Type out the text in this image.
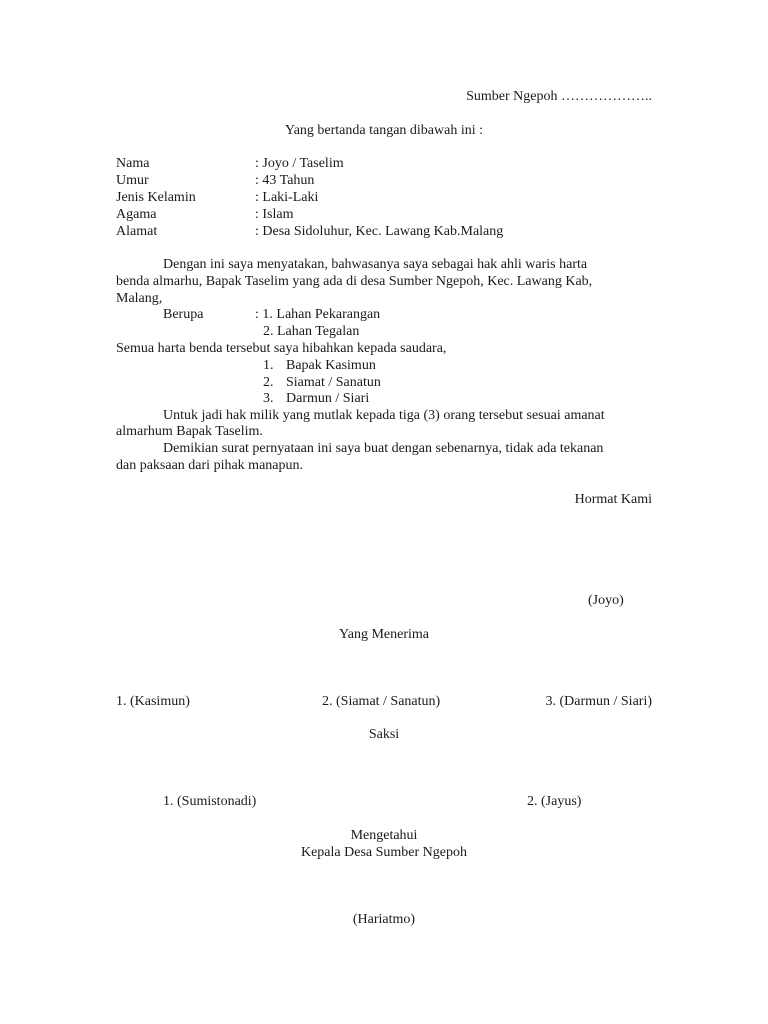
Sumber Ngepoh ………………..
Yang bertanda tangan dibawah ini :
Nama	: Joyo / Taselim
Umur	: 43 Tahun
Jenis Kelamin	: Laki-Laki
Agama	: Islam
Alamat	: Desa Sidoluhur, Kec. Lawang Kab.Malang
Dengan ini saya menyatakan, bahwasanya saya sebagai hak ahli waris harta
benda almarhu, Bapak Taselim yang ada di desa Sumber Ngepoh, Kec. Lawang Kab,
Malang,
Berupa	: 1. Lahan Pekarangan
2. Lahan Tegalan
Semua harta benda tersebut saya hibahkan kepada saudara,
1. Bapak Kasimun
2. Siamat / Sanatun
3. Darmun / Siari
Untuk jadi hak milik yang mutlak kepada tiga (3) orang tersebut sesuai amanat
almarhum Bapak Taselim.
Demikian surat pernyataan ini saya buat dengan sebenarnya, tidak ada tekanan
dan paksaan dari pihak manapun.
Hormat Kami
(Joyo)
Yang Menerima
1. (Kasimun)	2. (Siamat / Sanatun)	3. (Darmun / Siari)
Saksi
1. (Sumistonadi)	2. (Jayus)
Mengetahui
Kepala Desa Sumber Ngepoh
(Hariatmo)
